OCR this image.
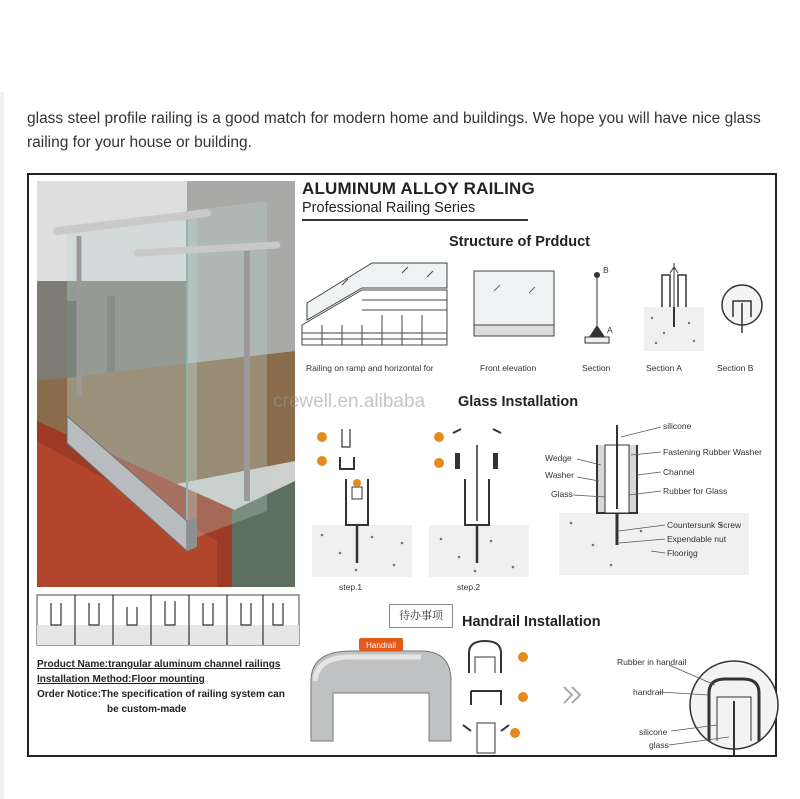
glass steel profile railing is a good match for modern home and buildings. We hope you will have nice glass railing for your house or building.

Product Name:trangular aluminum channel railings
Installation Method:Floor mounting
Order Notice:The specification of railing system can
be custom-made
ALUMINUM ALLOY RAILING
Professional Railing Series
Structure of Prdduct
B
A
Railing on ramp and horizontal for	Front elevation	Section	Section A	Section B
Glass Installation
crewell.en.alibaba
step.1	step.2
silicone
Fastening Rubber Washer
Wedge
Washer	Channel
Glass	Rubber for Glass
Countersunk Screw
Expendable nut
Flooring
待办事项	Handrail Installation
Handrail
Rubber in handrail
handrail
silicone
glass
